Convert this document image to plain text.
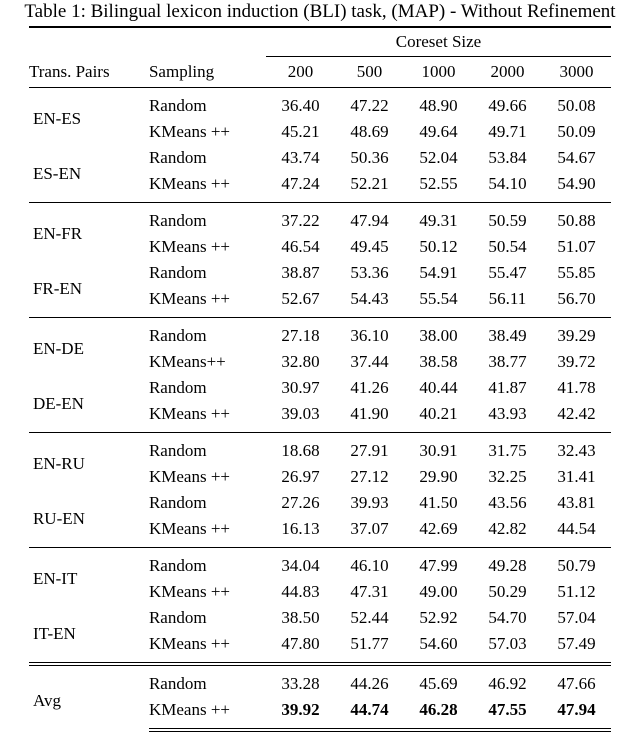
Table 1: Bilingual lexicon induction (BLI) task, (MAP) - Without Refinement
		Coreset Size				
Trans. Pairs	Sampling	200	500	1000	2000	3000
EN-ES	Random	36.40	47.22	48.90	49.66	50.08
	KMeans ++	45.21	48.69	49.64	49.71	50.09
ES-EN	Random	43.74	50.36	52.04	53.84	54.67
	KMeans ++	47.24	52.21	52.55	54.10	54.90
EN-FR	Random	37.22	47.94	49.31	50.59	50.88
	KMeans ++	46.54	49.45	50.12	50.54	51.07
FR-EN	Random	38.87	53.36	54.91	55.47	55.85
	KMeans ++	52.67	54.43	55.54	56.11	56.70
EN-DE	Random	27.18	36.10	38.00	38.49	39.29
	KMeans++	32.80	37.44	38.58	38.77	39.72
DE-EN	Random	30.97	41.26	40.44	41.87	41.78
	KMeans ++	39.03	41.90	40.21	43.93	42.42
EN-RU	Random	18.68	27.91	30.91	31.75	32.43
	KMeans ++	26.97	27.12	29.90	32.25	31.41
RU-EN	Random	27.26	39.93	41.50	43.56	43.81
	KMeans ++	16.13	37.07	42.69	42.82	44.54
EN-IT	Random	34.04	46.10	47.99	49.28	50.79
	KMeans ++	44.83	47.31	49.00	50.29	51.12
IT-EN	Random	38.50	52.44	52.92	54.70	57.04
	KMeans ++	47.80	51.77	54.60	57.03	57.49
Avg	Random	33.28	44.26	45.69	46.92	47.66
	KMeans ++	39.92	44.74	46.28	47.55	47.94
